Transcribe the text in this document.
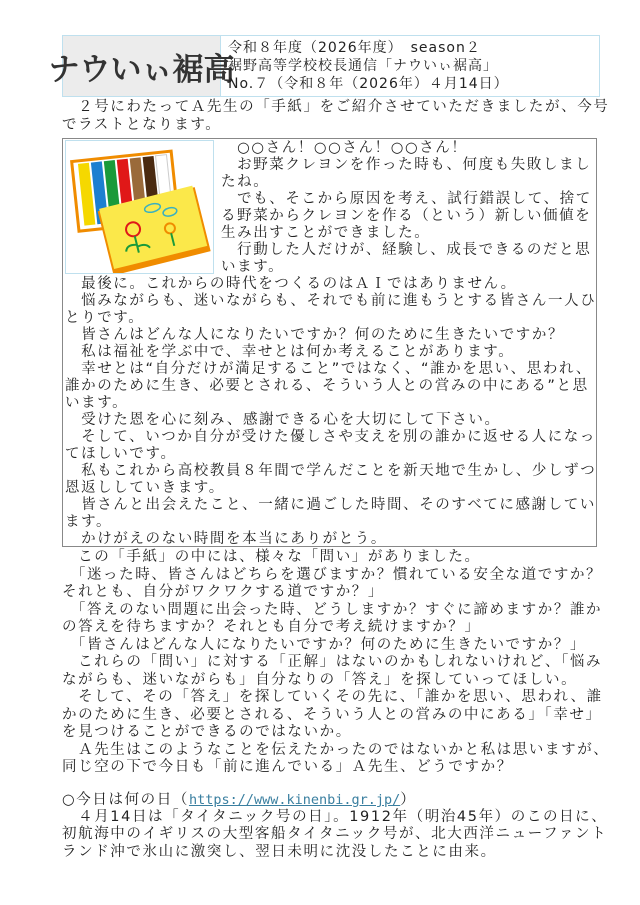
ナウいぃ裾高
令和８年度（2026年度）　season２
裾野高等学校校長通信「ナウいぃ裾高」
No.７（令和８年（2026年）４月14日）
　２号にわたってＡ先生の「手紙」をご紹介させていただきましたが、今号
でラストとなります。
　○○さん！○○さん！○○さん！
　お野菜クレヨンを作った時も、何度も失敗しまし
たね。
　でも、そこから原因を考え、試行錯誤して、捨て
る野菜からクレヨンを作る（という）新しい価値を
生み出すことができました。
　行動した人だけが、経験し、成長できるのだと思
います。
　最後に。これからの時代をつくるのはＡＩではありません。
　悩みながらも、迷いながらも、それでも前に進もうとする皆さん一人ひ
とりです。
　皆さんはどんな人になりたいですか？何のために生きたいですか？
　私は福祉を学ぶ中で、幸せとは何か考えることがあります。
　幸せとは“自分だけが満足すること”ではなく、“誰かを思い、思われ、
誰かのために生き、必要とされる、そういう人との営みの中にある”と思
います。
　受けた恩を心に刻み、感謝できる心を大切にして下さい。
　そして、いつか自分が受けた優しさや支えを別の誰かに返せる人になっ
てほしいです。
　私もこれから高校教員８年間で学んだことを新天地で生かし、少しずつ
恩返ししていきます。
　皆さんと出会えたこと、一緒に過ごした時間、そのすべてに感謝してい
ます。
　かけがえのない時間を本当にありがとう。
　この「手紙」の中には、様々な「問い」がありました。
　「迷った時、皆さんはどちらを選びますか？慣れている安全な道ですか？
それとも、自分がワクワクする道ですか？」
　「答えのない問題に出会った時、どうしますか？すぐに諦めますか？誰か
の答えを待ちますか？それとも自分で考え続けますか？」
　「皆さんはどんな人になりたいですか？何のために生きたいですか？」
　これらの「問い」に対する「正解」はないのかもしれないけれど、「悩み
ながらも、迷いながらも」自分なりの「答え」を探していってほしい。
　そして、その「答え」を探していくその先に、「誰かを思い、思われ、誰
かのために生き、必要とされる、そういう人との営みの中にある」「幸せ」
を見つけることができるのではないか。
　Ａ先生はこのようなことを伝えたかったのではないかと私は思いますが、
同じ空の下で今日も「前に進んでいる」Ａ先生、どうですか？
○今日は何の日（https://www.kinenbi.gr.jp/）
　４月14日は「タイタニック号の日」。1912年（明治45年）のこの日に、
初航海中のイギリスの大型客船タイタニック号が、北大西洋ニューファント
ランド沖で氷山に激突し、翌日未明に沈没したことに由来。
